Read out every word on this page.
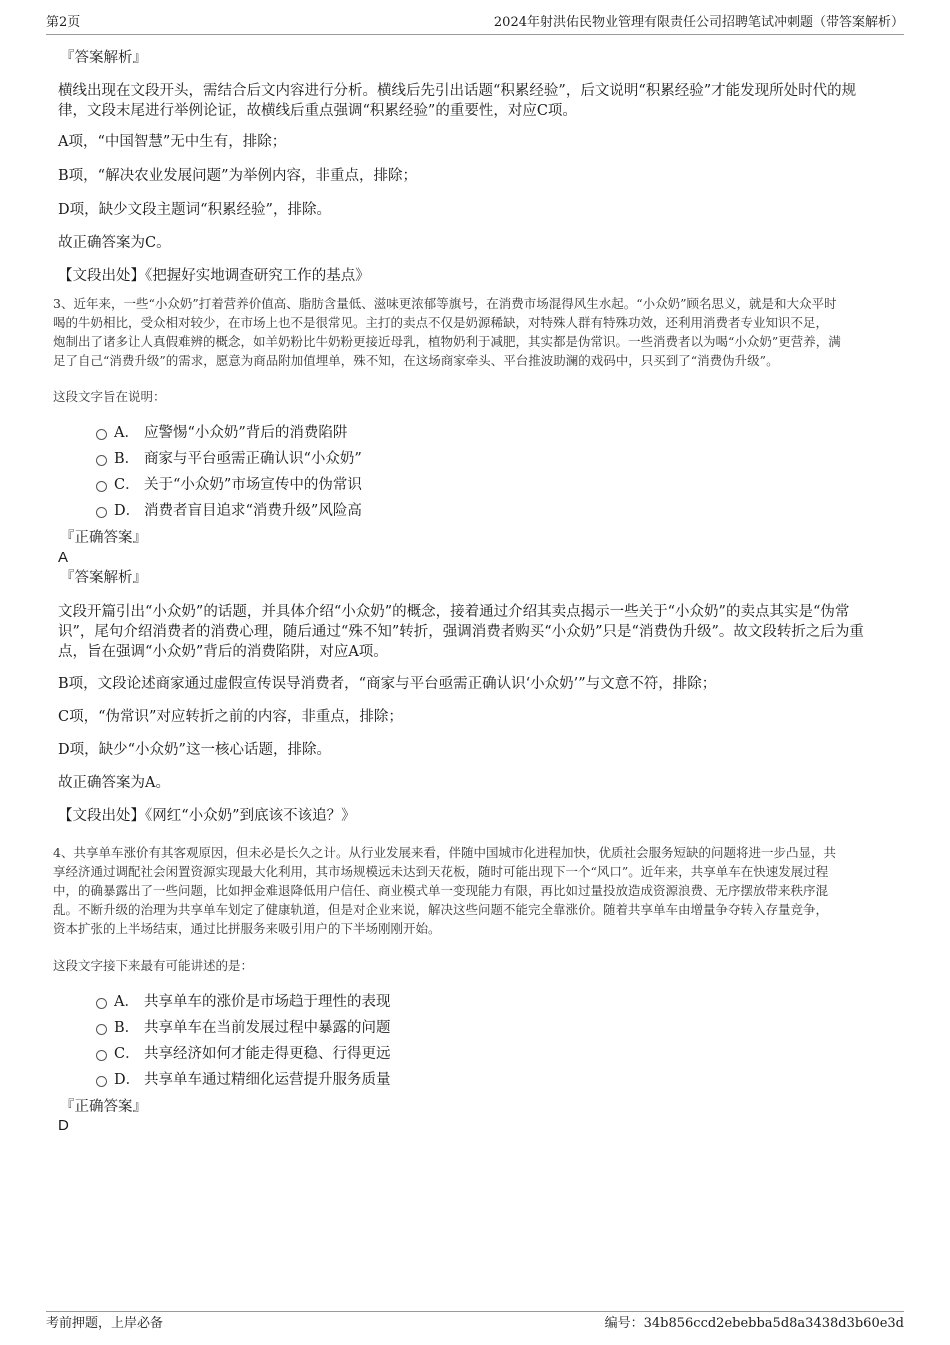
第2页	2024年射洪佑民物业管理有限责任公司招聘笔试冲刺题（带答案解析）
『答案解析』
横线出现在文段开头，需结合后文内容进行分析。横线后先引出话题“积累经验”，后文说明“积累经验”才能发现所处时代的规
律，文段末尾进行举例论证，故横线后重点强调“积累经验”的重要性，对应C项。
A项，“中国智慧”无中生有，排除；
B项，“解决农业发展问题”为举例内容，非重点，排除；
D项，缺少文段主题词“积累经验”，排除。
故正确答案为C。
【文段出处】《把握好实地调查研究工作的基点》
3、近年来，一些“小众奶”打着营养价值高、脂肪含量低、滋味更浓郁等旗号，在消费市场混得风生水起。“小众奶”顾名思义，就是和大众平时
喝的牛奶相比，受众相对较少，在市场上也不是很常见。主打的卖点不仅是奶源稀缺，对特殊人群有特殊功效，还利用消费者专业知识不足，
炮制出了诸多让人真假难辨的概念，如羊奶粉比牛奶粉更接近母乳，植物奶利于减肥，其实都是伪常识。一些消费者以为喝“小众奶”更营养，满
足了自己“消费升级”的需求，愿意为商品附加值埋单，殊不知，在这场商家牵头、平台推波助澜的戏码中，只买到了“消费伪升级”。
这段文字旨在说明：
A． 应警惕“小众奶”背后的消费陷阱
B． 商家与平台亟需正确认识“小众奶”
C． 关于“小众奶”市场宣传中的伪常识
D． 消费者盲目追求“消费升级”风险高
『正确答案』
A
『答案解析』
文段开篇引出“小众奶”的话题，并具体介绍“小众奶”的概念，接着通过介绍其卖点揭示一些关于“小众奶”的卖点其实是“伪常
识”，尾句介绍消费者的消费心理，随后通过“殊不知”转折，强调消费者购买“小众奶”只是“消费伪升级”。故文段转折之后为重
点，旨在强调“小众奶”背后的消费陷阱，对应A项。
B项，文段论述商家通过虚假宣传误导消费者，“商家与平台亟需正确认识‘小众奶’”与文意不符，排除；
C项，“伪常识”对应转折之前的内容，非重点，排除；
D项，缺少“小众奶”这一核心话题，排除。
故正确答案为A。
【文段出处】《网红“小众奶”到底该不该追？》
4、共享单车涨价有其客观原因，但未必是长久之计。从行业发展来看，伴随中国城市化进程加快，优质社会服务短缺的问题将进一步凸显，共
享经济通过调配社会闲置资源实现最大化利用，其市场规模远未达到天花板，随时可能出现下一个“风口”。近年来，共享单车在快速发展过程
中，的确暴露出了一些问题，比如押金难退降低用户信任、商业模式单一变现能力有限，再比如过量投放造成资源浪费、无序摆放带来秩序混
乱。不断升级的治理为共享单车划定了健康轨道，但是对企业来说，解决这些问题不能完全靠涨价。随着共享单车由增量争夺转入存量竞争，
资本扩张的上半场结束，通过比拼服务来吸引用户的下半场刚刚开始。
这段文字接下来最有可能讲述的是：
A． 共享单车的涨价是市场趋于理性的表现
B． 共享单车在当前发展过程中暴露的问题
C． 共享经济如何才能走得更稳、行得更远
D． 共享单车通过精细化运营提升服务质量
『正确答案』
D
考前押题，上岸必备	编号：34b856ccd2ebebba5d8a3438d3b60e3d
